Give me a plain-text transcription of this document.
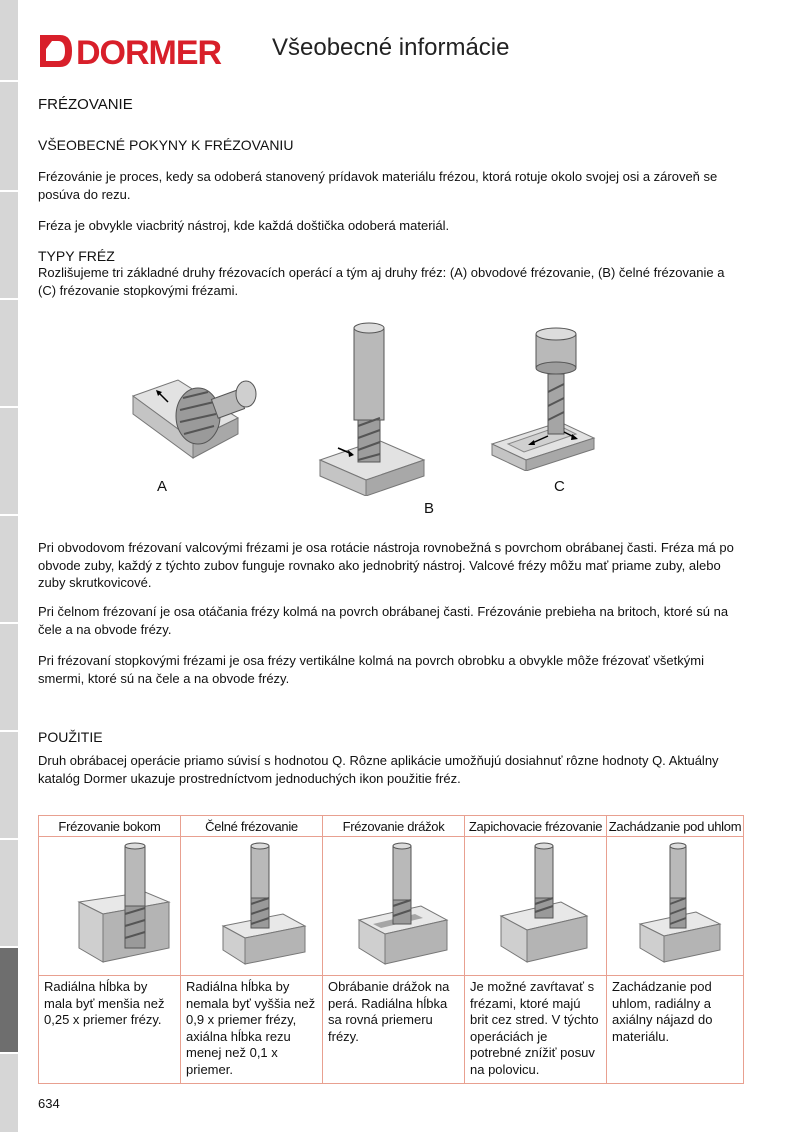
DORMER Všeobecné informácie
FRÉZOVANIE
VŠEOBECNÉ POKYNY K FRÉZOVANIU

Frézovánie je proces, kedy sa odoberá stanovený prídavok materiálu frézou, ktorá rotuje okolo svojej osi a zároveň se posúva do rezu.

Fréza je obvykle viacbritý nástroj, kde každá doštička odoberá materiál.

TYPY FRÉZ

Rozlišujeme tri základné druhy frézovacích operácí a tým aj druhy fréz: (A) obvodové frézovanie, (B) čelné frézovanie a (C) frézovanie stopkovými frézami.

A
B
C

Pri obvodovom frézovaní valcovými frézami je osa rotácie nástroja rovnobežná s povrchom obrábanej časti. Fréza má po obvode zuby, každý z týchto zubov funguje rovnako ako jednobritý nástroj. Valcové frézy môžu mať priame zuby, alebo zuby skrutkovicové.

Pri čelnom frézovaní je osa otáčania frézy kolmá na povrch obrábanej časti. Frézovánie prebieha na britoch, ktoré sú na čele a na obvode frézy.

Pri frézovaní stopkovými frézami je osa frézy vertikálne kolmá na povrch obrobku a obvykle môže frézovať všetkými smermi, ktoré sú na čele a na obvode frézy.

POUŽITIE

Druh obrábacej operácie priamo súvisí s hodnotou Q. Rôzne aplikácie umožňujú dosiahnuť rôzne hodnoty Q. Aktuálny katalóg Dormer ukazuje prostredníctvom jednoduchých ikon použitie fréz.

Frézovanie bokom	Čelné frézovanie	Frézovanie drážok	Zapichovacie frézovanie	Zachádzanie pod uhlom

Radiálna hĺbka by mala byť menšia než 0,25 x priemer frézy.	Radiálna hĺbka by nemala byť vyššia než 0,9 x priemer frézy, axiálna hĺbka rezu menej než 0,1 x priemer.	Obrábanie drážok na perá. Radiálna hĺbka sa rovná priemeru frézy.	Je možné zavŕtavať s frézami, ktoré majú brit cez stred. V týchto operáciách je potrebné znížiť posuv na polovicu.	Zachádzanie pod uhlom, radiálny a axiálny nájazd do materiálu.
634
